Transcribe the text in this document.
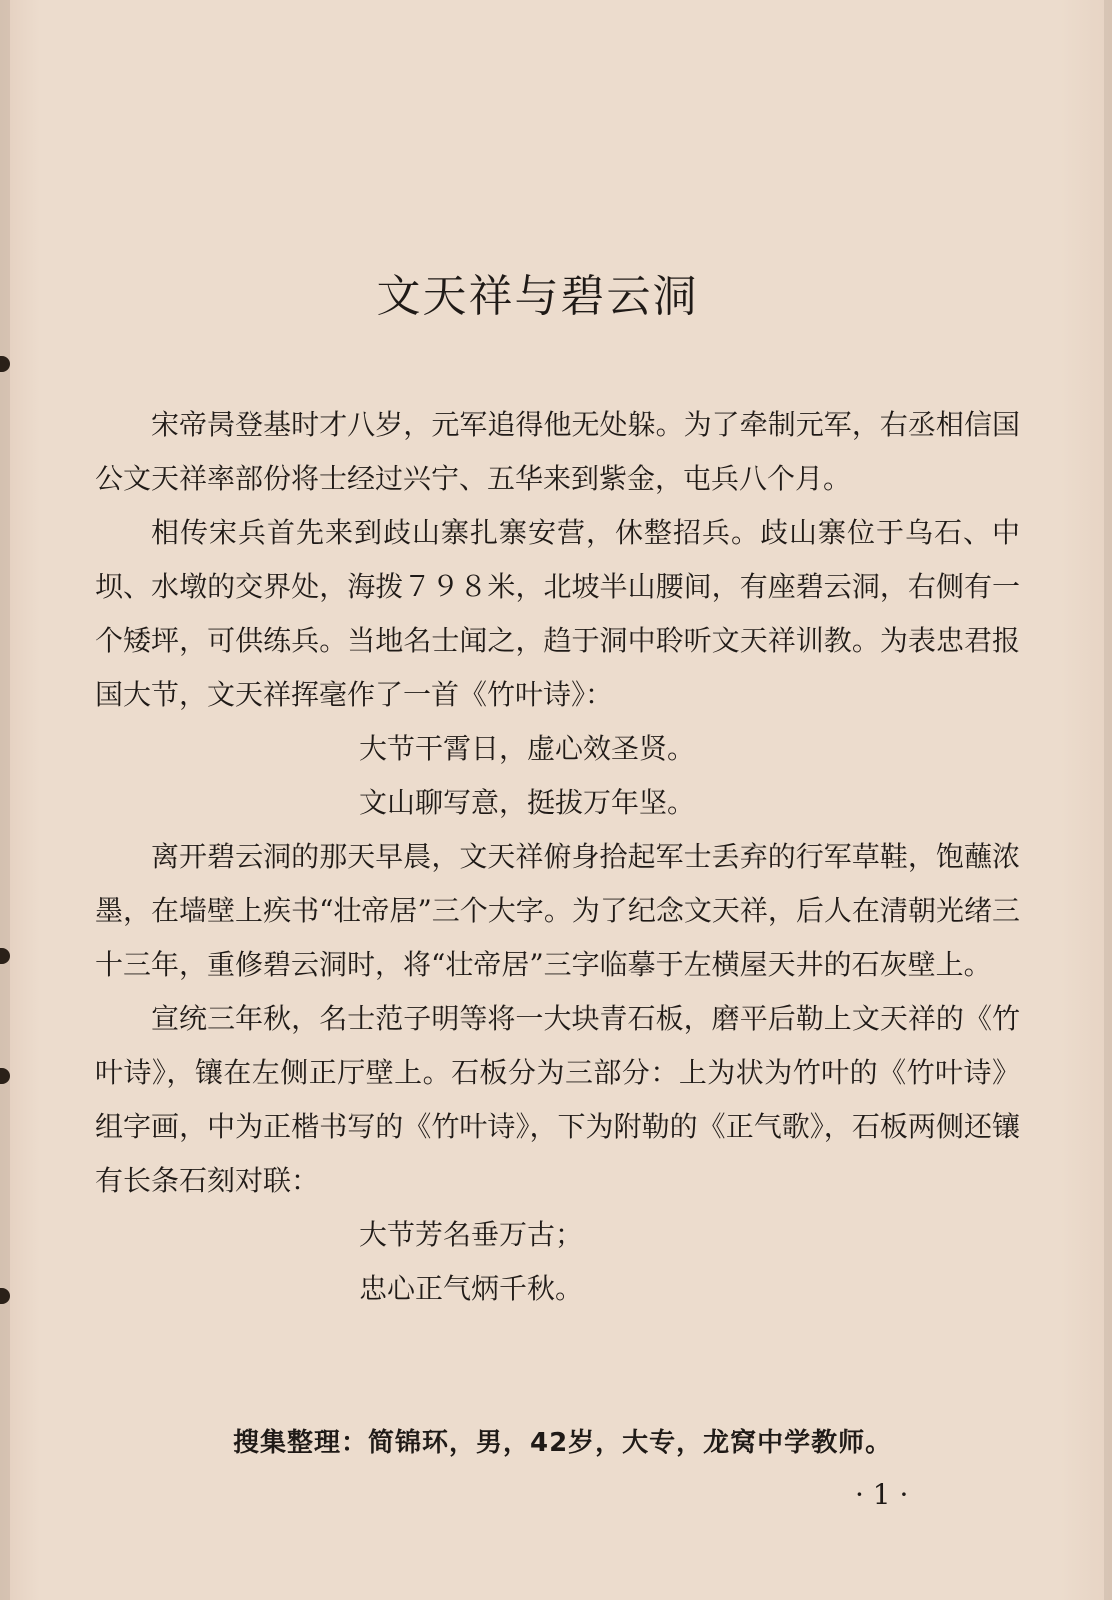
文天祥与碧云洞

宋帝昺登基时才八岁，元军追得他无处躲。为了牵制元军，右丞相信国公文天祥率部份将士经过兴宁、五华来到紫金，屯兵八个月。

相传宋兵首先来到歧山寨扎寨安营，休整招兵。歧山寨位于乌石、中坝、水墩的交界处，海拨７９８米，北坡半山腰间，有座碧云洞，右侧有一个矮坪，可供练兵。当地名士闻之，趋于洞中聆听文天祥训教。为表忠君报国大节，文天祥挥毫作了一首《竹叶诗》：

大节干霄日，虚心效圣贤。
文山聊写意，挺拔万年坚。

离开碧云洞的那天早晨，文天祥俯身拾起军士丢弃的行军草鞋，饱蘸浓墨，在墙壁上疾书“壮帝居”三个大字。为了纪念文天祥，后人在清朝光绪三十三年，重修碧云洞时，将“壮帝居”三字临摹于左横屋天井的石灰壁上。

宣统三年秋，名士范子明等将一大块青石板，磨平后勒上文天祥的《竹叶诗》，镶在左侧正厅壁上。石板分为三部分：上为状为竹叶的《竹叶诗》组字画，中为正楷书写的《竹叶诗》，下为附勒的《正气歌》，石板两侧还镶有长条石刻对联：

大节芳名垂万古；
忠心正气炳千秋。
搜集整理：简锦环，男，42岁，大专，龙窝中学教师。
· 1 ·
